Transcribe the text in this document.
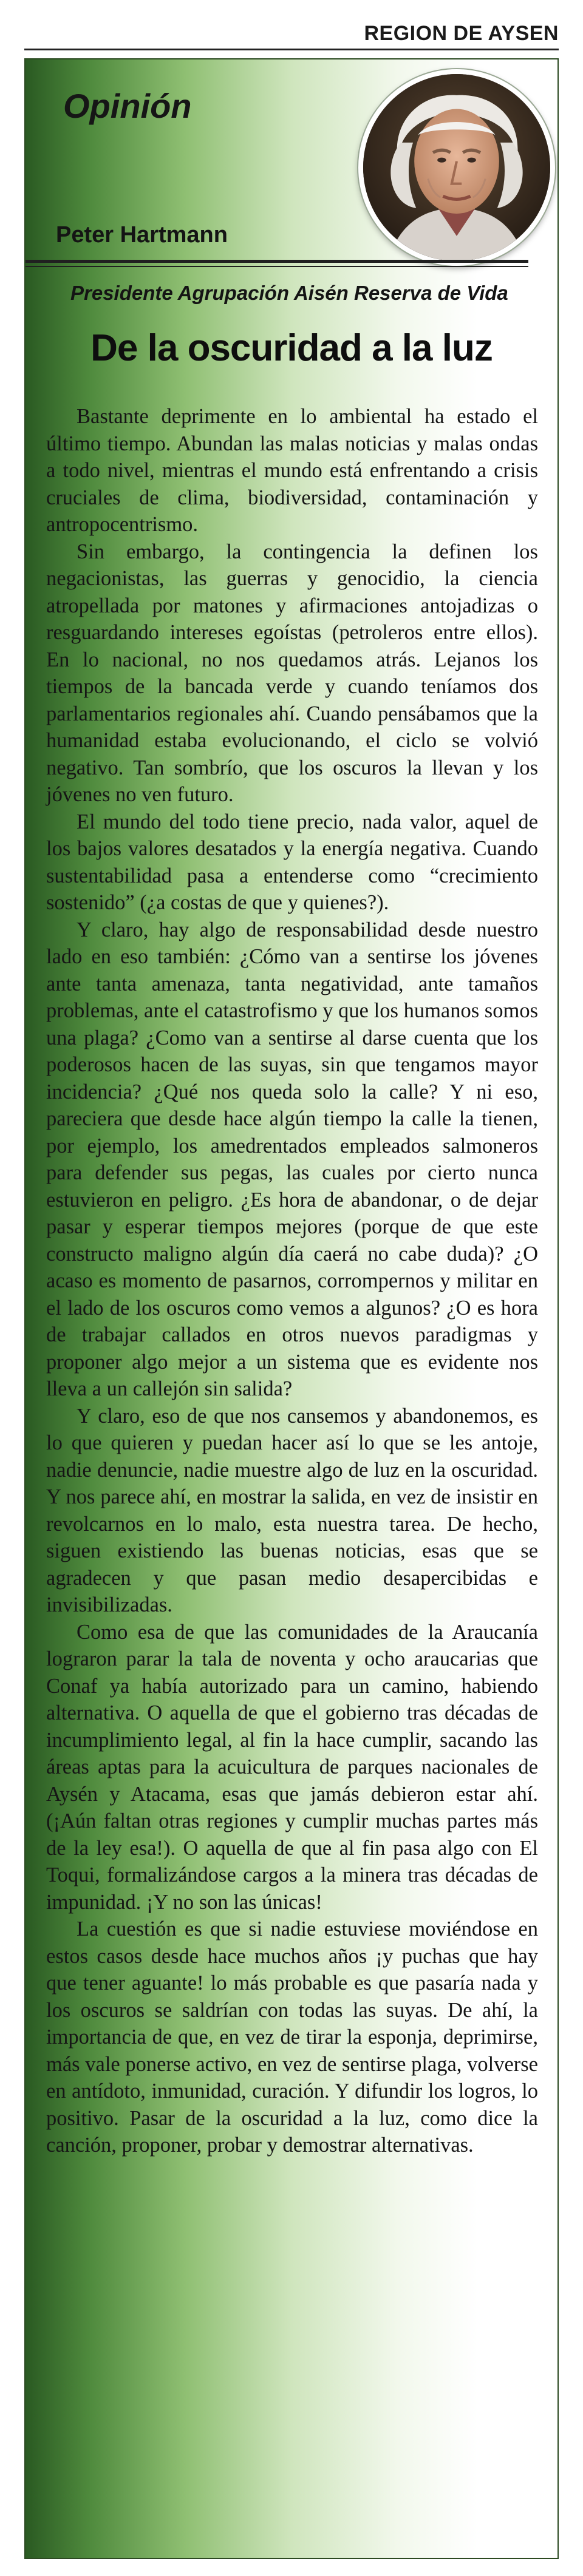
REGION DE AYSEN
Opinión
Peter Hartmann
Presidente Agrupación Aisén Reserva de Vida
De la oscuridad a la luz

Bastante deprimente en lo ambiental ha estado el último tiempo. Abundan las malas noticias y malas ondas a todo nivel, mientras el mundo está enfrentando a crisis cruciales de clima, biodiversidad, contaminación y antropocentrismo.

Sin embargo, la contingencia la definen los negacionistas, las guerras y genocidio, la ciencia atropellada por matones y afirmaciones antojadizas o resguardando intereses egoístas (petroleros entre ellos). En lo nacional, no nos quedamos atrás. Lejanos los tiempos de la bancada verde y cuando teníamos dos parlamentarios regionales ahí. Cuando pensábamos que la humanidad estaba evolucionando, el ciclo se volvió negativo. Tan sombrío, que los oscuros la llevan y los jóvenes no ven futuro.

El mundo del todo tiene precio, nada valor, aquel de los bajos valores desatados y la energía negativa. Cuando sustentabilidad pasa a entenderse como “crecimiento sostenido” (¿a costas de que y quienes?).

Y claro, hay algo de responsabilidad desde nuestro lado en eso también: ¿Cómo van a sentirse los jóvenes ante tanta amenaza, tanta negatividad, ante tamaños problemas, ante el catastrofismo y que los humanos somos una plaga? ¿Como van a sentirse al darse cuenta que los poderosos hacen de las suyas, sin que tengamos mayor incidencia? ¿Qué nos queda solo la calle? Y ni eso, pareciera que desde hace algún tiempo la calle la tienen, por ejemplo, los amedrentados empleados salmoneros para defender sus pegas, las cuales por cierto nunca estuvieron en peligro. ¿Es hora de abandonar, o de dejar pasar y esperar tiempos mejores (porque de que este constructo maligno algún día caerá no cabe duda)? ¿O acaso es momento de pasarnos, corrompernos y militar en el lado de los oscuros como vemos a algunos? ¿O es hora de trabajar callados en otros nuevos paradigmas y proponer algo mejor a un sistema que es evidente nos lleva a un callejón sin salida?

Y claro, eso de que nos cansemos y abandonemos, es lo que quieren y puedan hacer así lo que se les antoje, nadie denuncie, nadie muestre algo de luz en la oscuridad. Y nos parece ahí, en mostrar la salida, en vez de insistir en revolcarnos en lo malo, esta nuestra tarea. De hecho, siguen existiendo las buenas noticias, esas que se agradecen y que pasan medio desapercibidas e invisibilizadas.

Como esa de que las comunidades de la Araucanía lograron parar la tala de noventa y ocho araucarias que Conaf ya había autorizado para un camino, habiendo alternativa. O aquella de que el gobierno tras décadas de incumplimiento legal, al fin la hace cumplir, sacando las áreas aptas para la acuicultura de parques nacionales de Aysén y Atacama, esas que jamás debieron estar ahí. (¡Aún faltan otras regiones y cumplir muchas partes más de la ley esa!). O aquella de que al fin pasa algo con El Toqui, formalizándose cargos a la minera tras décadas de impunidad. ¡Y no son las únicas!

La cuestión es que si nadie estuviese moviéndose en estos casos desde hace muchos años ¡y puchas que hay que tener aguante! lo más probable es que pasaría nada y los oscuros se saldrían con todas las suyas. De ahí, la importancia de que, en vez de tirar la esponja, deprimirse, más vale ponerse activo, en vez de sentirse plaga, volverse en antídoto, inmunidad, curación. Y difundir los logros, lo positivo. Pasar de la oscuridad a la luz, como dice la canción, proponer, probar y demostrar alternativas.
